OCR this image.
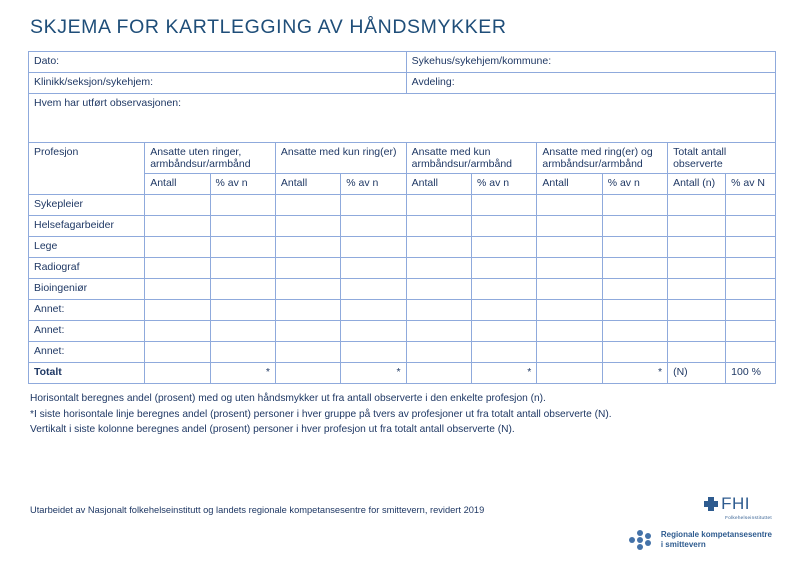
SKJEMA FOR KARTLEGGING AV HÅNDSMYKKER
Dato:					Sykehus/sykehjem/kommune:					
Klinikk/seksjon/sykehjem:					Avdeling:					
Hvem har utført observasjonen:										
Profesjon	Ansatte uten ringer, armbåndsur/armbånd		Ansatte med kun ring(er)		Ansatte med kun armbåndsur/armbånd		Ansatte med ring(er) og armbåndsur/armbånd		Totalt antall observerte	
	Antall	% av n	Antall	% av n	Antall	% av n	Antall	% av n	Antall (n)	% av N
Sykepleier										
Helsefagarbeider										
Lege										
Radiograf										
Bioingeniør										
Annet:										
Annet:										
Annet:										
Totalt		*		*		*		*	(N)	100 %
Horisontalt beregnes andel (prosent) med og uten håndsmykker ut fra antall observerte i den enkelte profesjon (n).
*I siste horisontale linje beregnes andel (prosent) personer i hver gruppe på tvers av profesjoner ut fra totalt antall observerte (N).
Vertikalt i siste kolonne beregnes andel (prosent) personer i hver profesjon ut fra totalt antall observerte (N).
Utarbeidet av Nasjonalt folkehelseinstitutt og landets regionale kompetansesentre for smittevern, revidert 2019	FHI
Folkehelseinstituttet
Regionale kompetansesentre
i smittevern
